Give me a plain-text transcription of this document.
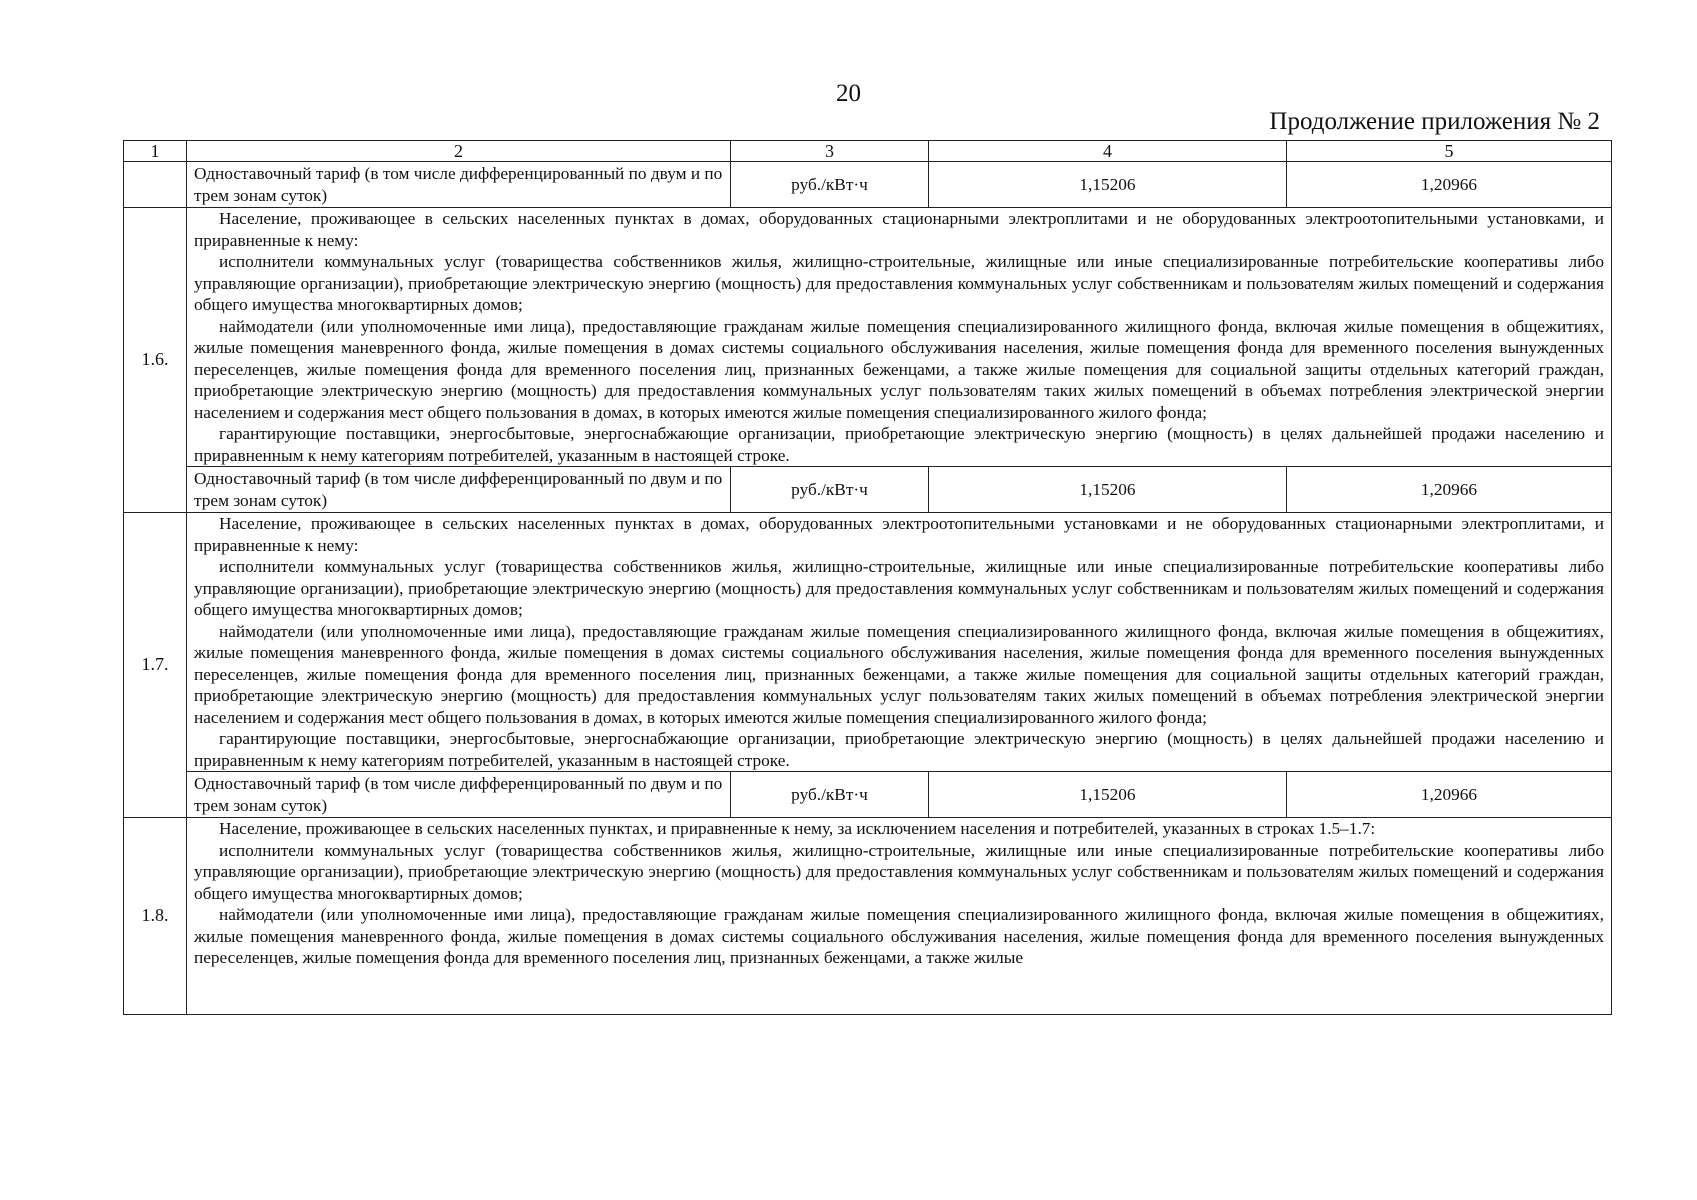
20
Продолжение приложения № 2
1	2	3	4	5
	Одноставочный тариф (в том числе дифференцированный по двум и по трем зонам суток)	руб./кВт·ч	1,15206	1,20966
1.6.	Население, проживающее в сельских населенных пунктах в домах, оборудованных стационарными электроплитами и не оборудованных электроотопительными установками, и приравненные к нему:
исполнители коммунальных услуг (товарищества собственников жилья, жилищно-строительные, жилищные или иные специализированные потребительские кооперативы либо управляющие организации), приобретающие электрическую энергию (мощность) для предоставления коммунальных услуг собственникам и пользователям жилых помещений и содержания общего имущества многоквартирных домов;
наймодатели (или уполномоченные ими лица), предоставляющие гражданам жилые помещения специализированного жилищного фонда, включая жилые помещения в общежитиях, жилые помещения маневренного фонда, жилые помещения в домах системы социального обслуживания населения, жилые помещения фонда для временного поселения вынужденных переселенцев, жилые помещения фонда для временного поселения лиц, признанных беженцами, а также жилые помещения для социальной защиты отдельных категорий граждан, приобретающие электрическую энергию (мощность) для предоставления коммунальных услуг пользователям таких жилых помещений в объемах потребления электрической энергии населением и содержания мест общего пользования в домах, в которых имеются жилые помещения специализированного жилого фонда;
гарантирующие поставщики, энергосбытовые, энергоснабжающие организации, приобретающие электрическую энергию (мощность) в целях дальнейшей продажи населению и приравненным к нему категориям потребителей, указанным в настоящей строке.			

	Одноставочный тариф (в том числе дифференцированный по двум и по трем зонам суток)	руб./кВт·ч	1,15206	1,20966
1.7.	Население, проживающее в сельских населенных пунктах в домах, оборудованных электроотопительными установками и не оборудованных стационарными электроплитами, и приравненные к нему:
исполнители коммунальных услуг (товарищества собственников жилья, жилищно-строительные, жилищные или иные специализированные потребительские кооперативы либо управляющие организации), приобретающие электрическую энергию (мощность) для предоставления коммунальных услуг собственникам и пользователям жилых помещений и содержания общего имущества многоквартирных домов;
наймодатели (или уполномоченные ими лица), предоставляющие гражданам жилые помещения специализированного жилищного фонда, включая жилые помещения в общежитиях, жилые помещения маневренного фонда, жилые помещения в домах системы социального обслуживания населения, жилые помещения фонда для временного поселения вынужденных переселенцев, жилые помещения фонда для временного поселения лиц, признанных беженцами, а также жилые помещения для социальной защиты отдельных категорий граждан, приобретающие электрическую энергию (мощность) для предоставления коммунальных услуг пользователям таких жилых помещений в объемах потребления электрической энергии населением и содержания мест общего пользования в домах, в которых имеются жилые помещения специализированного жилого фонда;
гарантирующие поставщики, энергосбытовые, энергоснабжающие организации, приобретающие электрическую энергию (мощность) в целях дальнейшей продажи населению и приравненным к нему категориям потребителей, указанным в настоящей строке.			

	Одноставочный тариф (в том числе дифференцированный по двум и по трем зонам суток)	руб./кВт·ч	1,15206	1,20966
1.8.	Население, проживающее в сельских населенных пунктах, и приравненные к нему, за исключением населения и потребителей, указанных в строках 1.5–1.7:
исполнители коммунальных услуг (товарищества собственников жилья, жилищно-строительные, жилищные или иные специализированные потребительские кооперативы либо управляющие организации), приобретающие электрическую энергию (мощность) для предоставления коммунальных услуг собственникам и пользователям жилых помещений и содержания общего имущества многоквартирных домов;
наймодатели (или уполномоченные ими лица), предоставляющие гражданам жилые помещения специализированного жилищного фонда, включая жилые помещения в общежитиях, жилые помещения маневренного фонда, жилые помещения в домах системы социального обслуживания населения, жилые помещения фонда для временного поселения вынужденных переселенцев, жилые помещения фонда для временного поселения лиц, признанных беженцами, а также жилые			
